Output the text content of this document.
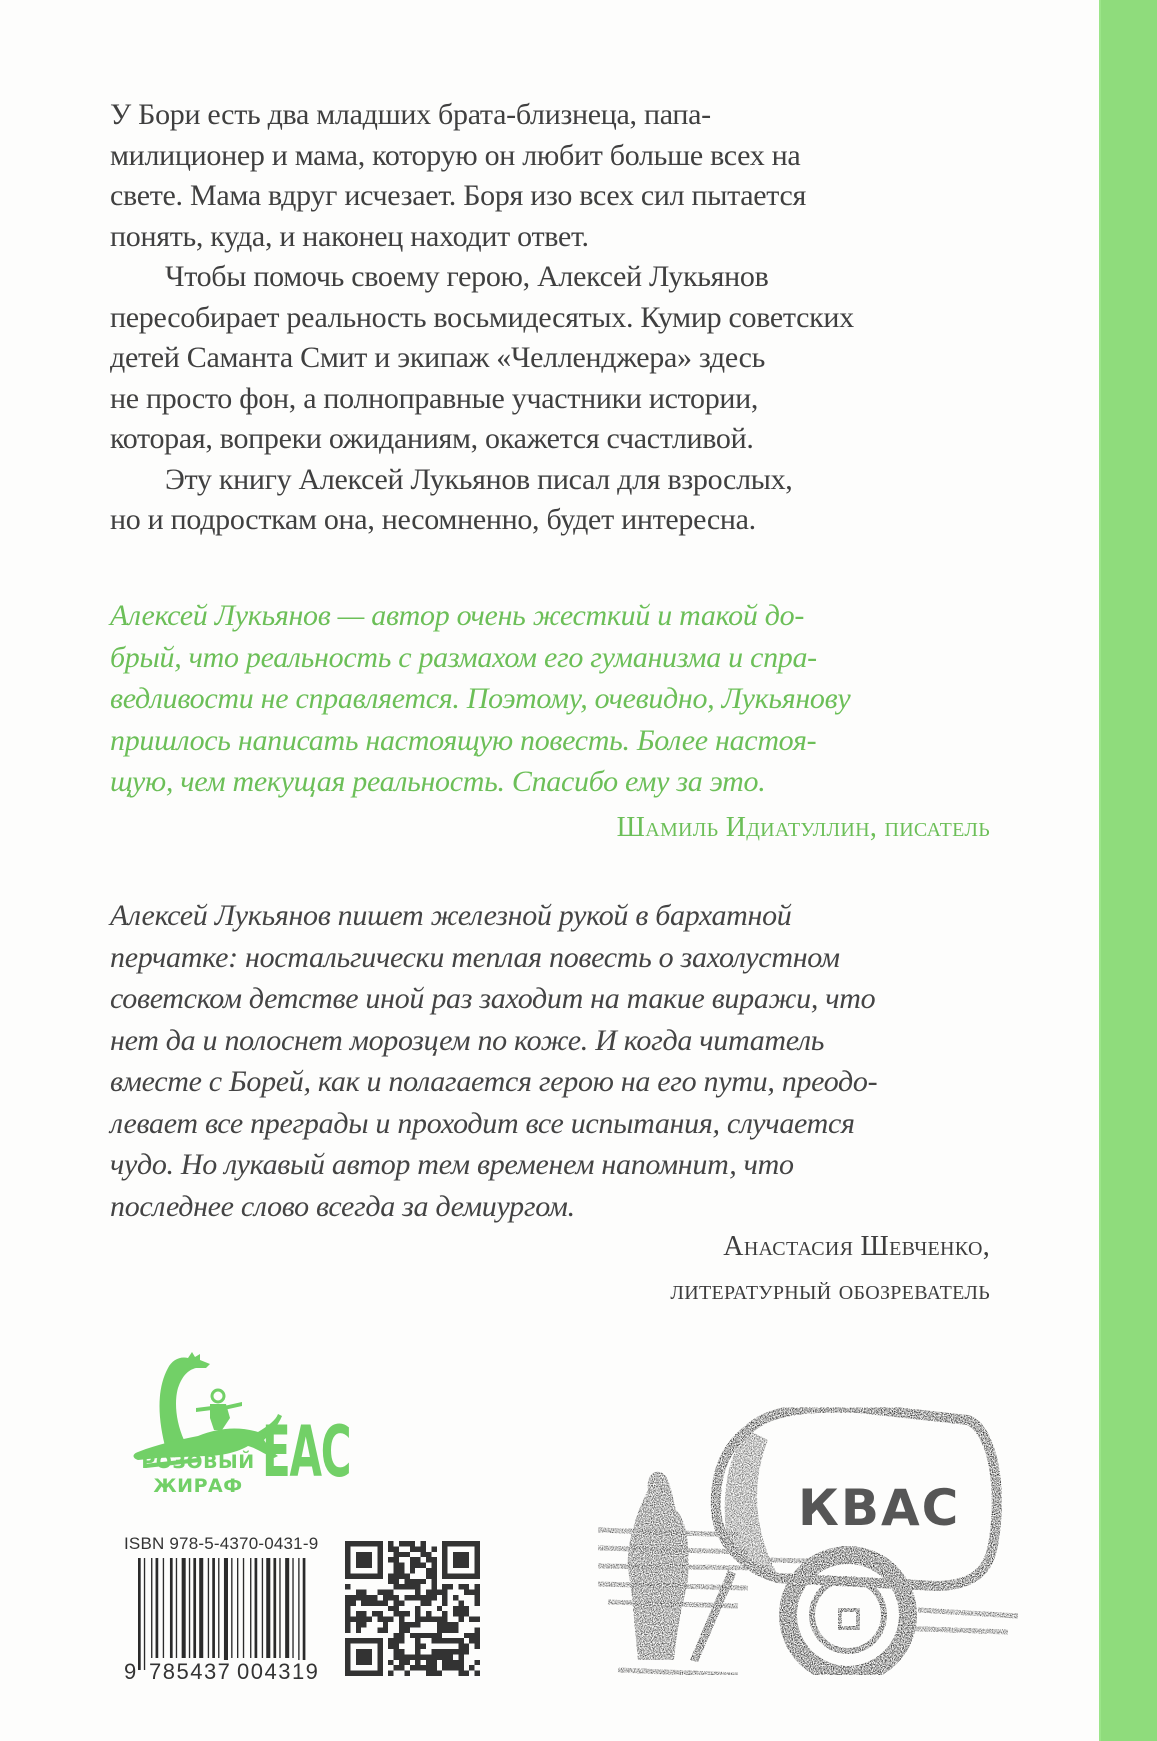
У Бори есть два младших брата-близнеца, папа-
милиционер и мама, которую он любит больше всех на
свете. Мама вдруг исчезает. Боря изо всех сил пытается
понять, куда, и наконец находит ответ.
Чтобы помочь своему герою, Алексей Лукьянов
пересобирает реальность восьмидесятых. Кумир советских
детей Саманта Смит и экипаж «Челленджера» здесь
не просто фон, а полноправные участники истории,
которая, вопреки ожиданиям, окажется счастливой.
Эту книгу Алексей Лукьянов писал для взрослых,
но и подросткам она, несомненно, будет интересна.
Алексей Лукьянов — автор очень жесткий и такой до-
брый, что реальность с размахом его гуманизма и спра-
ведливости не справляется. Поэтому, очевидно, Лукьянову
пришлось написать настоящую повесть. Более настоя-
щую, чем текущая реальность. Спасибо ему за это.
Шамиль Идиатуллин, писатель
Алексей Лукьянов пишет железной рукой в бархатной
перчатке: ностальгически теплая повесть о захолустном
советском детстве иной раз заходит на такие виражи, что
нет да и полоснет морозцем по коже. И когда читатель
вместе с Борей, как и полагается герою на его пути, преодо-
левает все преграды и проходит все испытания, случается
чудо. Но лукавый автор тем временем напомнит, что
последнее слово всегда за демиургом.
Анастасия Шевченко,
литературный обозреватель
РОЗОВЫЙ
ЖИРАФ EAC
ISBN 978-5-4370-0431-9
9 785437 004319
КВАС
